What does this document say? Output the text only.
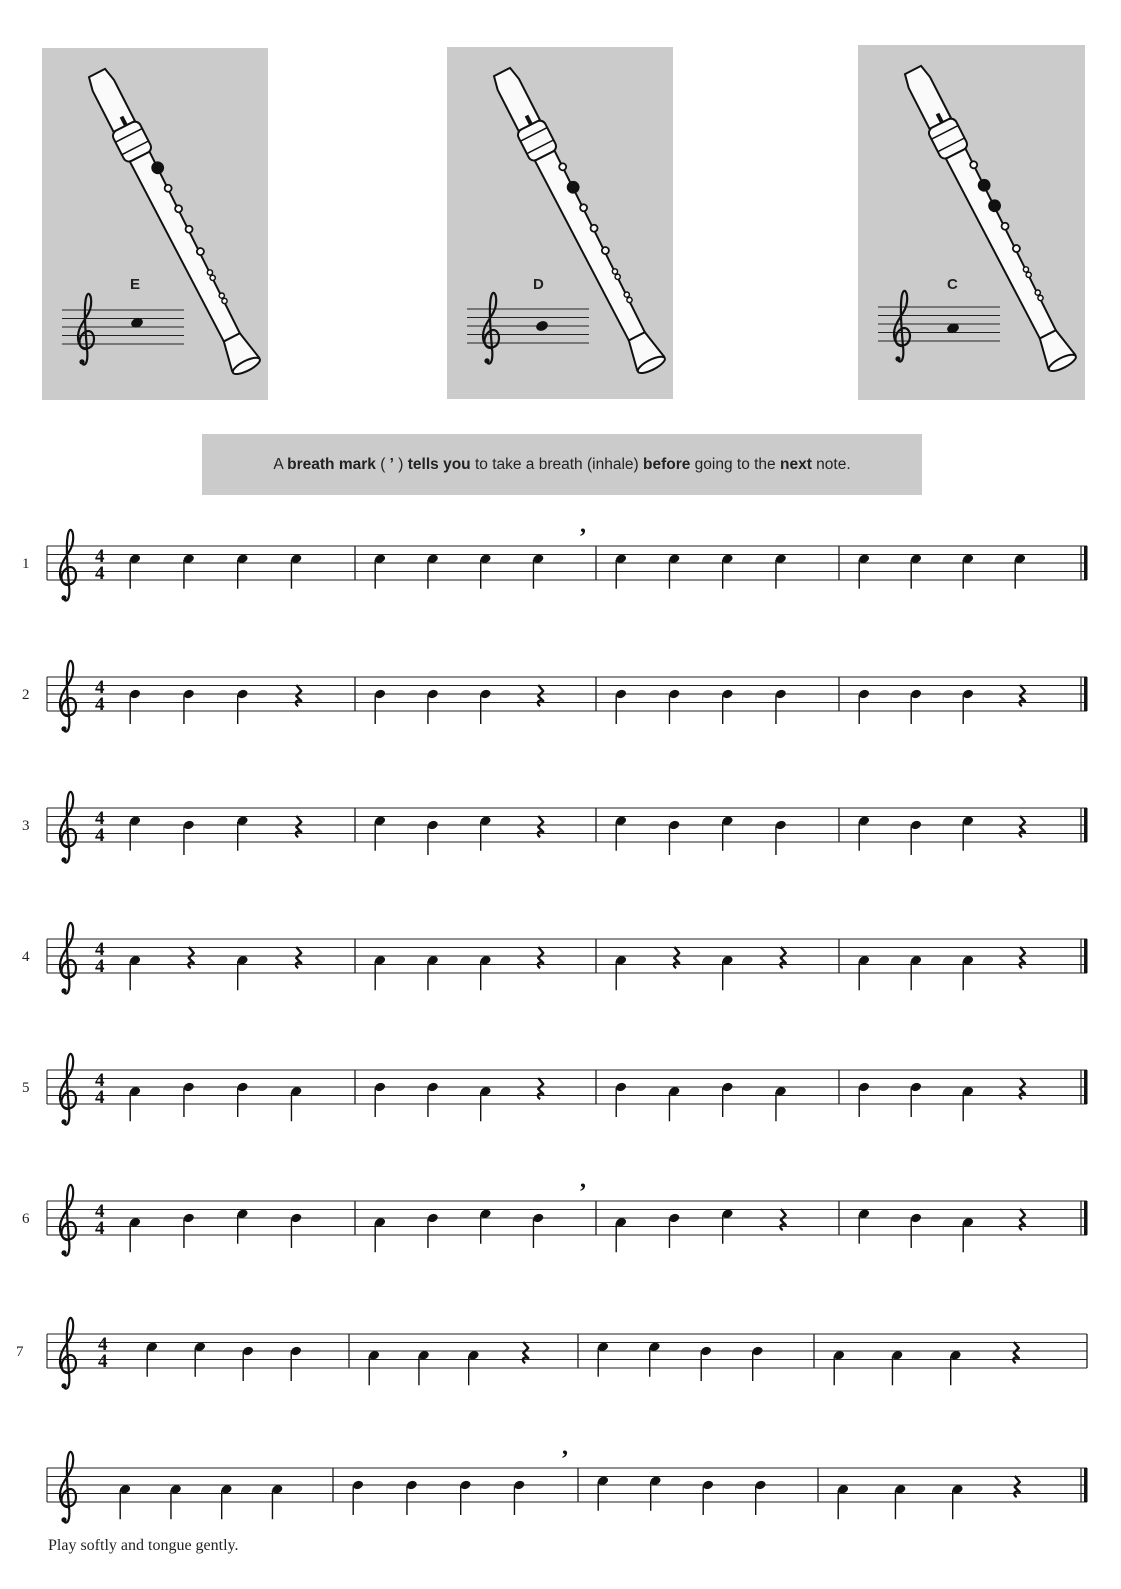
E	D	C
A breath mark ( ’ ) tells you to take a breath (inhale) before going to the next note.
1	4
4
,
2	4
4
3	4
4
4	4
4
5	4
4
6	4
4
,
7	4
4
,
Play softly and tongue gently.
